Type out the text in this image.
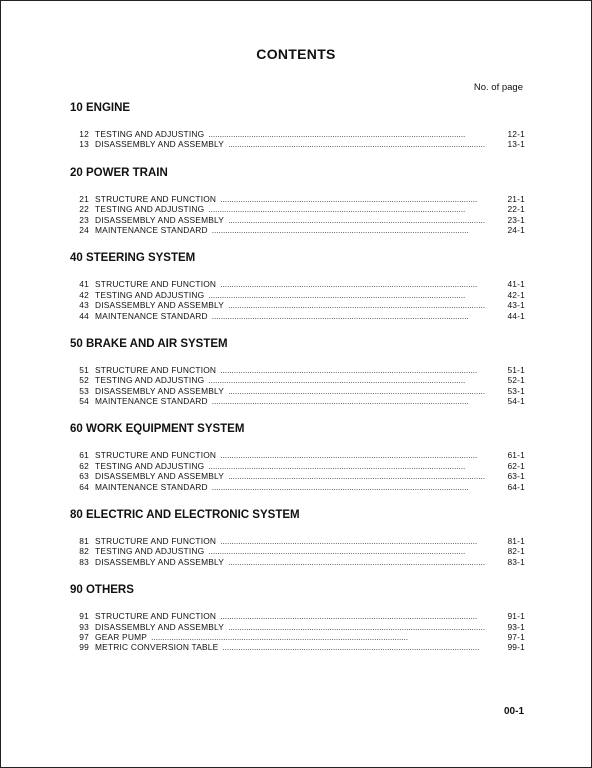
CONTENTS
No. of page
10 ENGINE
12 TESTING AND ADJUSTING . . .	12-1
13 DISASSEMBLY AND ASSEMBLY . . .	13-1
20 POWER TRAIN
21 STRUCTURE AND FUNCTION . . .	21-1
22 TESTING AND ADJUSTING . . .	22-1
23 DISASSEMBLY AND ASSEMBLY . . .	23-1
24 MAINTENANCE STANDARD . . .	24-1
40 STEERING SYSTEM
41 STRUCTURE AND FUNCTION . . .	41-1
42 TESTING AND ADJUSTING . . .	42-1
43 DISASSEMBLY AND ASSEMBLY . . .	43-1
44 MAINTENANCE STANDARD . . .	44-1
50 BRAKE AND AIR SYSTEM
51 STRUCTURE AND FUNCTION . . .	51-1
52 TESTING AND ADJUSTING . . .	52-1
53 DISASSEMBLY AND ASSEMBLY . . .	53-1
54 MAINTENANCE STANDARD . . .	54-1
60 WORK EQUIPMENT SYSTEM
61 STRUCTURE AND FUNCTION . . .	61-1
62 TESTING AND ADJUSTING . . .	62-1
63 DISASSEMBLY AND ASSEMBLY . . .	63-1
64 MAINTENANCE STANDARD . . .	64-1
80 ELECTRIC AND ELECTRONIC SYSTEM
81 STRUCTURE AND FUNCTION . . .	81-1
82 TESTING AND ADJUSTING . . .	82-1
83 DISASSEMBLY AND ASSEMBLY . . .	83-1
90 OTHERS
91 STRUCTURE AND FUNCTION . . .	91-1
93 DISASSEMBLY AND ASSEMBLY . . .	93-1
97 GEAR PUMP . . .	97-1
99 METRIC CONVERSION TABLE . . .	99-1
00-1
